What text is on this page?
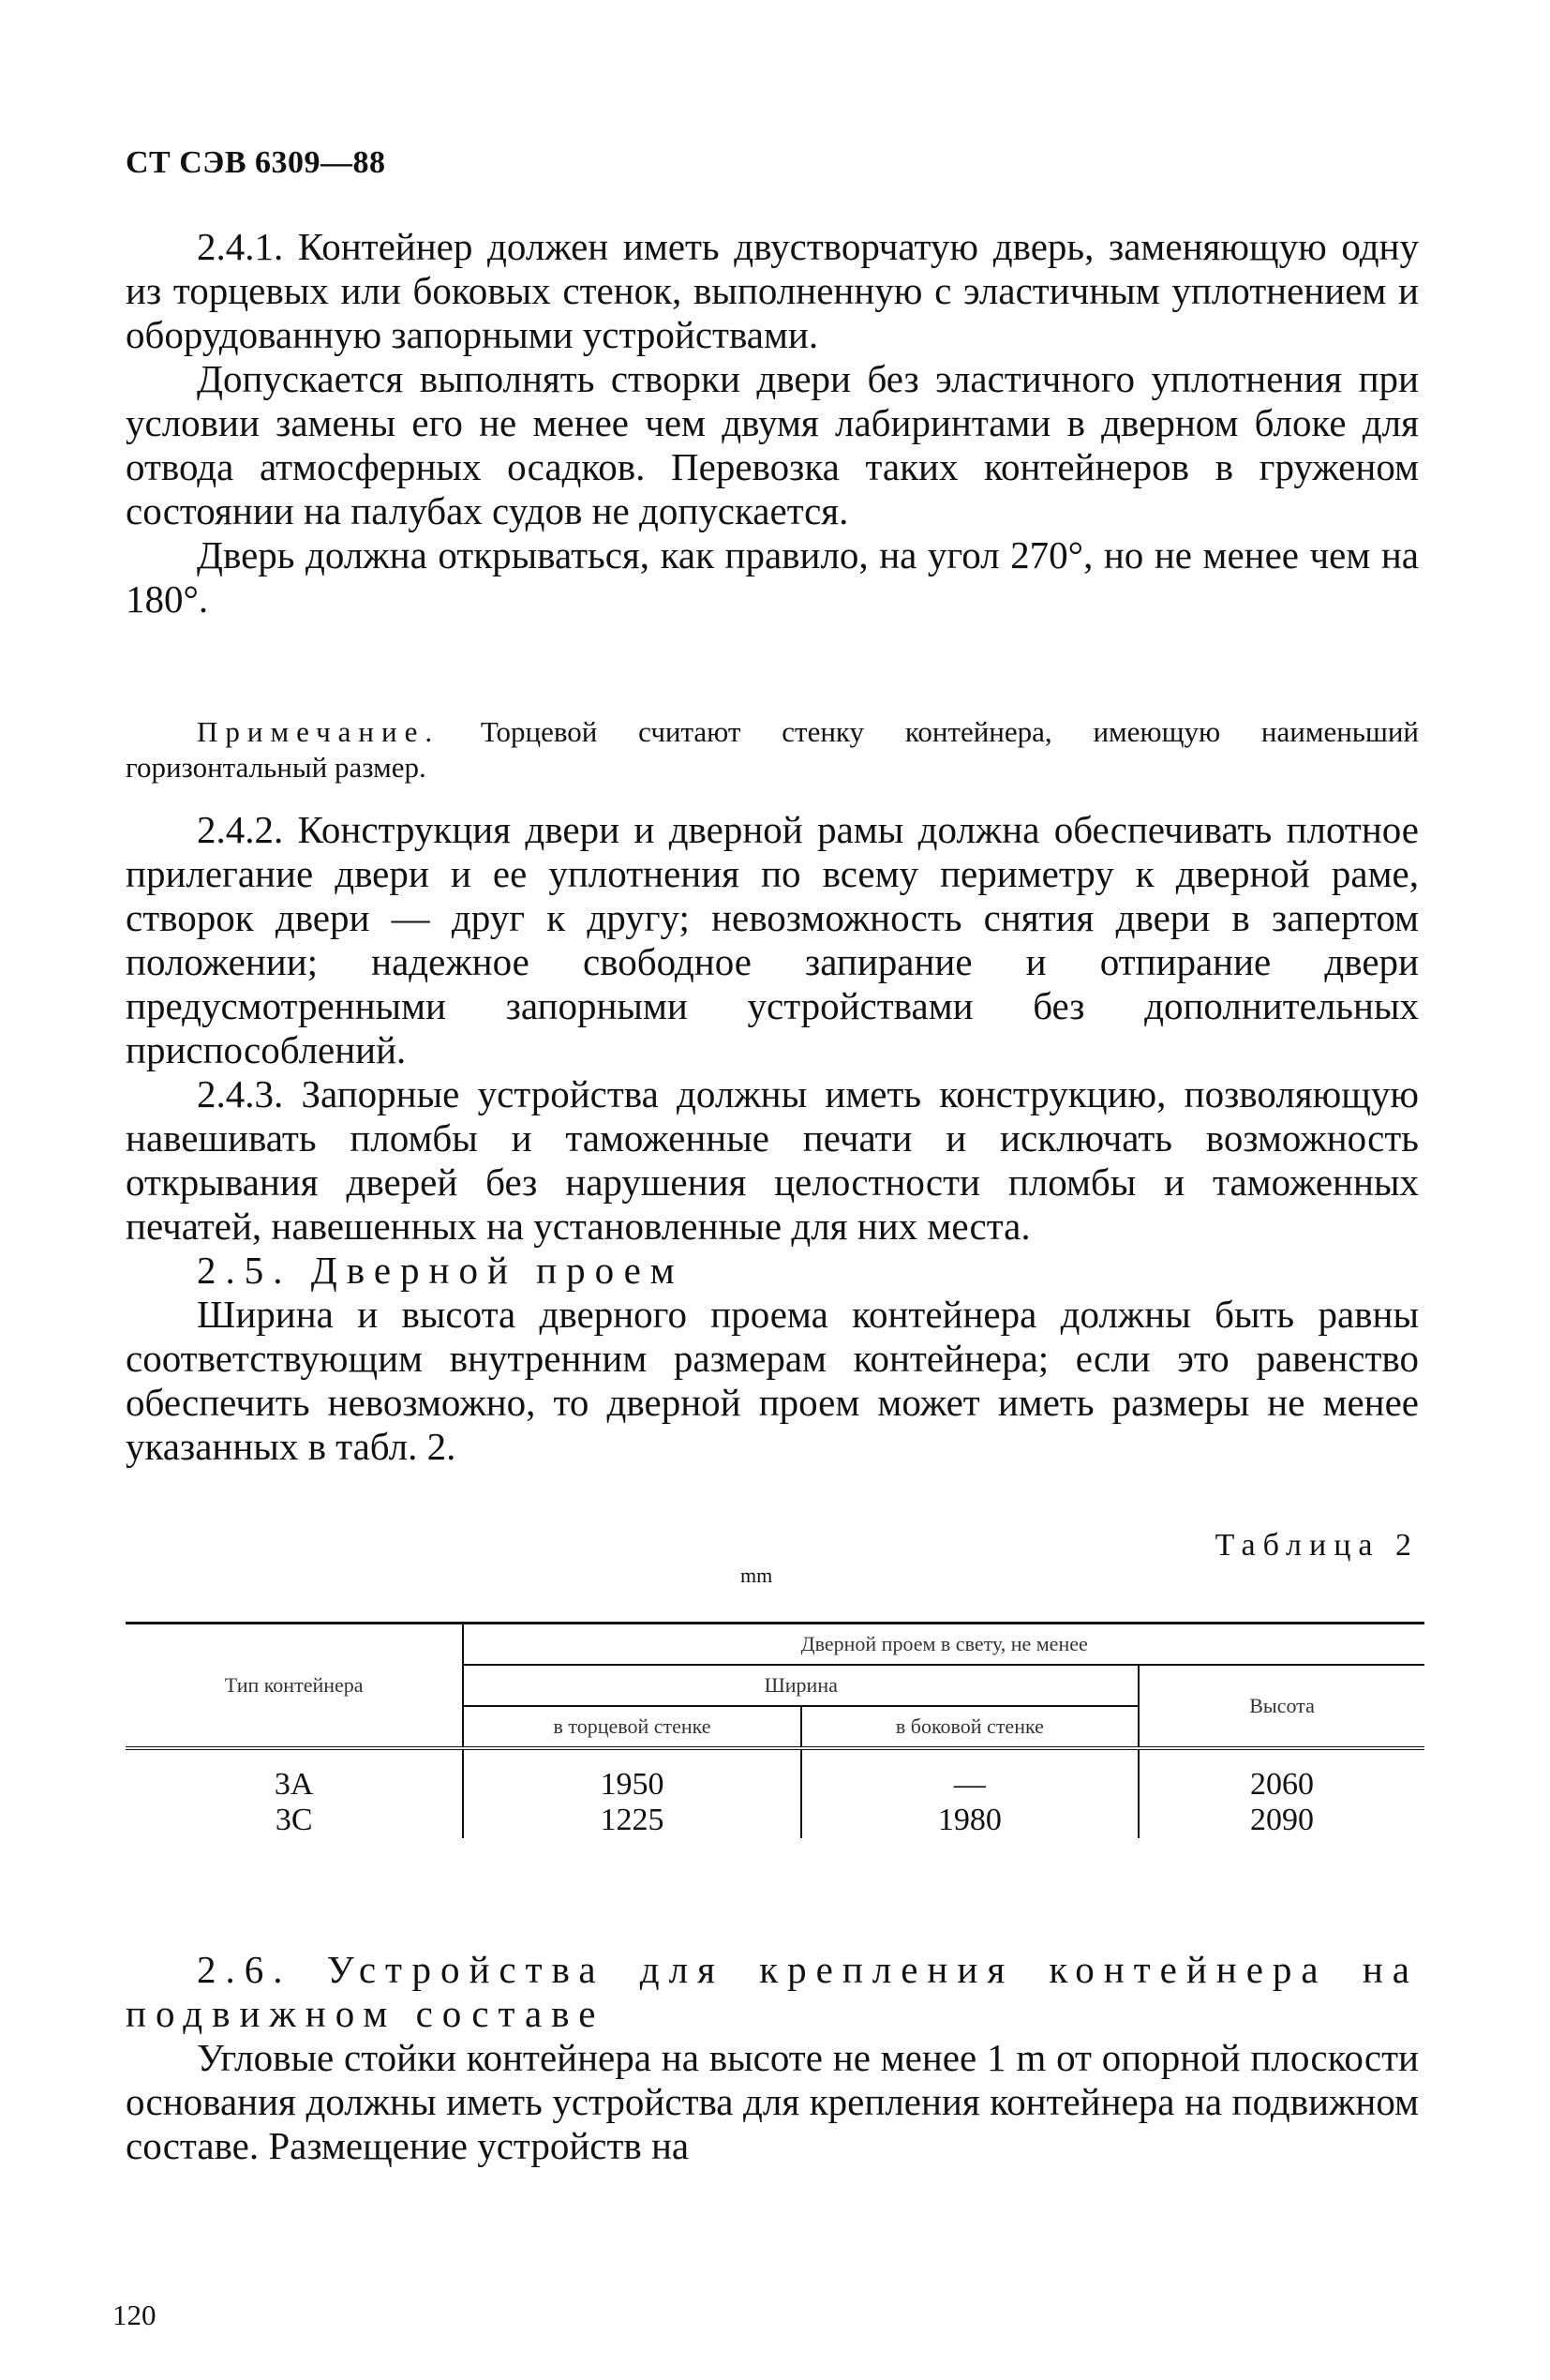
СТ СЭВ 6309—88

2.4.1. Контейнер должен иметь двустворчатую дверь, заменяющую одну из торцевых или боковых стенок, выполненную с эластичным уплотнением и оборудованную запорными устройствами.

Допускается выполнять створки двери без эластичного уплотнения при условии замены его не менее чем двумя лабиринтами в дверном блоке для отвода атмосферных осадков. Перевозка таких контейнеров в груженом состоянии на палубах судов не допускается.

Дверь должна открываться, как правило, на угол 270°, но не менее чем на 180°.

Примечание. Торцевой считают стенку контейнера, имеющую наименьший горизонтальный размер.

2.4.2. Конструкция двери и дверной рамы должна обеспечивать плотное прилегание двери и ее уплотнения по всему периметру к дверной раме, створок двери — друг к другу; невозможность снятия двери в запертом положении; надежное свободное запирание и отпирание двери предусмотренными запорными устройствами без дополнительных приспособлений.

2.4.3. Запорные устройства должны иметь конструкцию, позволяющую навешивать пломбы и таможенные печати и исключать возможность открывания дверей без нарушения целостности пломбы и таможенных печатей, навешенных на установленные для них места.

2.5. Дверной проем

Ширина и высота дверного проема контейнера должны быть равны соответствующим внутренним размерам контейнера; если это равенство обеспечить невозможно, то дверной проем может иметь размеры не менее указанных в табл. 2.

Таблица 2
mm
Тип контейнера	Дверной проем в свету, не менее		
	Ширина		Высота
	в торцевой стенке	в боковой стенке	
3A	1950	—	2060
3C	1225	1980	2090

2.6. Устройства для крепления контейнера на подвижном составе

Угловые стойки контейнера на высоте не менее 1 m от опорной плоскости основания должны иметь устройства для крепления контейнера на подвижном составе. Размещение устройств на

120
